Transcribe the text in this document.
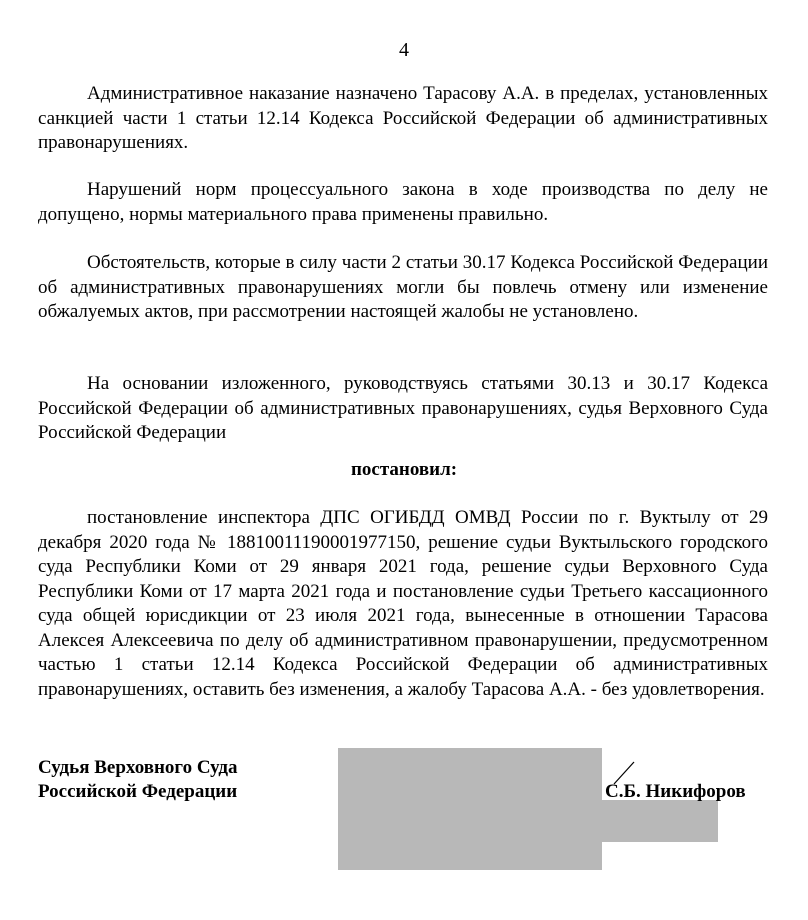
4

Административное наказание назначено Тарасову А.А. в пределах, установленных санкцией части 1 статьи 12.14 Кодекса Российской Федерации об административных правонарушениях.

Нарушений норм процессуального закона в ходе производства по делу не допущено, нормы материального права применены правильно.

Обстоятельств, которые в силу части 2 статьи 30.17 Кодекса Российской Федерации об административных правонарушениях могли бы повлечь отмену или изменение обжалуемых актов, при рассмотрении настоящей жалобы не установлено.

На основании изложенного, руководствуясь статьями 30.13 и 30.17 Кодекса Российской Федерации об административных правонарушениях, судья Верховного Суда Российской Федерации

постановил:

постановление инспектора ДПС ОГИБДД ОМВД России по г. Вуктылу от 29 декабря 2020 года № 18810011190001977150, решение судьи Вуктыльского городского суда Республики Коми от 29 января 2021 года, решение судьи Верховного Суда Республики Коми от 17 марта 2021 года и постановление судьи Третьего кассационного суда общей юрисдикции от 23 июля 2021 года, вынесенные в отношении Тарасова Алексея Алексеевича по делу об административном правонарушении, предусмотренном частью 1 статьи 12.14 Кодекса Российской Федерации об административных правонарушениях, оставить без изменения, а жалобу Тарасова А.А. - без удовлетворения.

Судья Верховного Суда
Российской Федерации	С.Б. Никифоров
